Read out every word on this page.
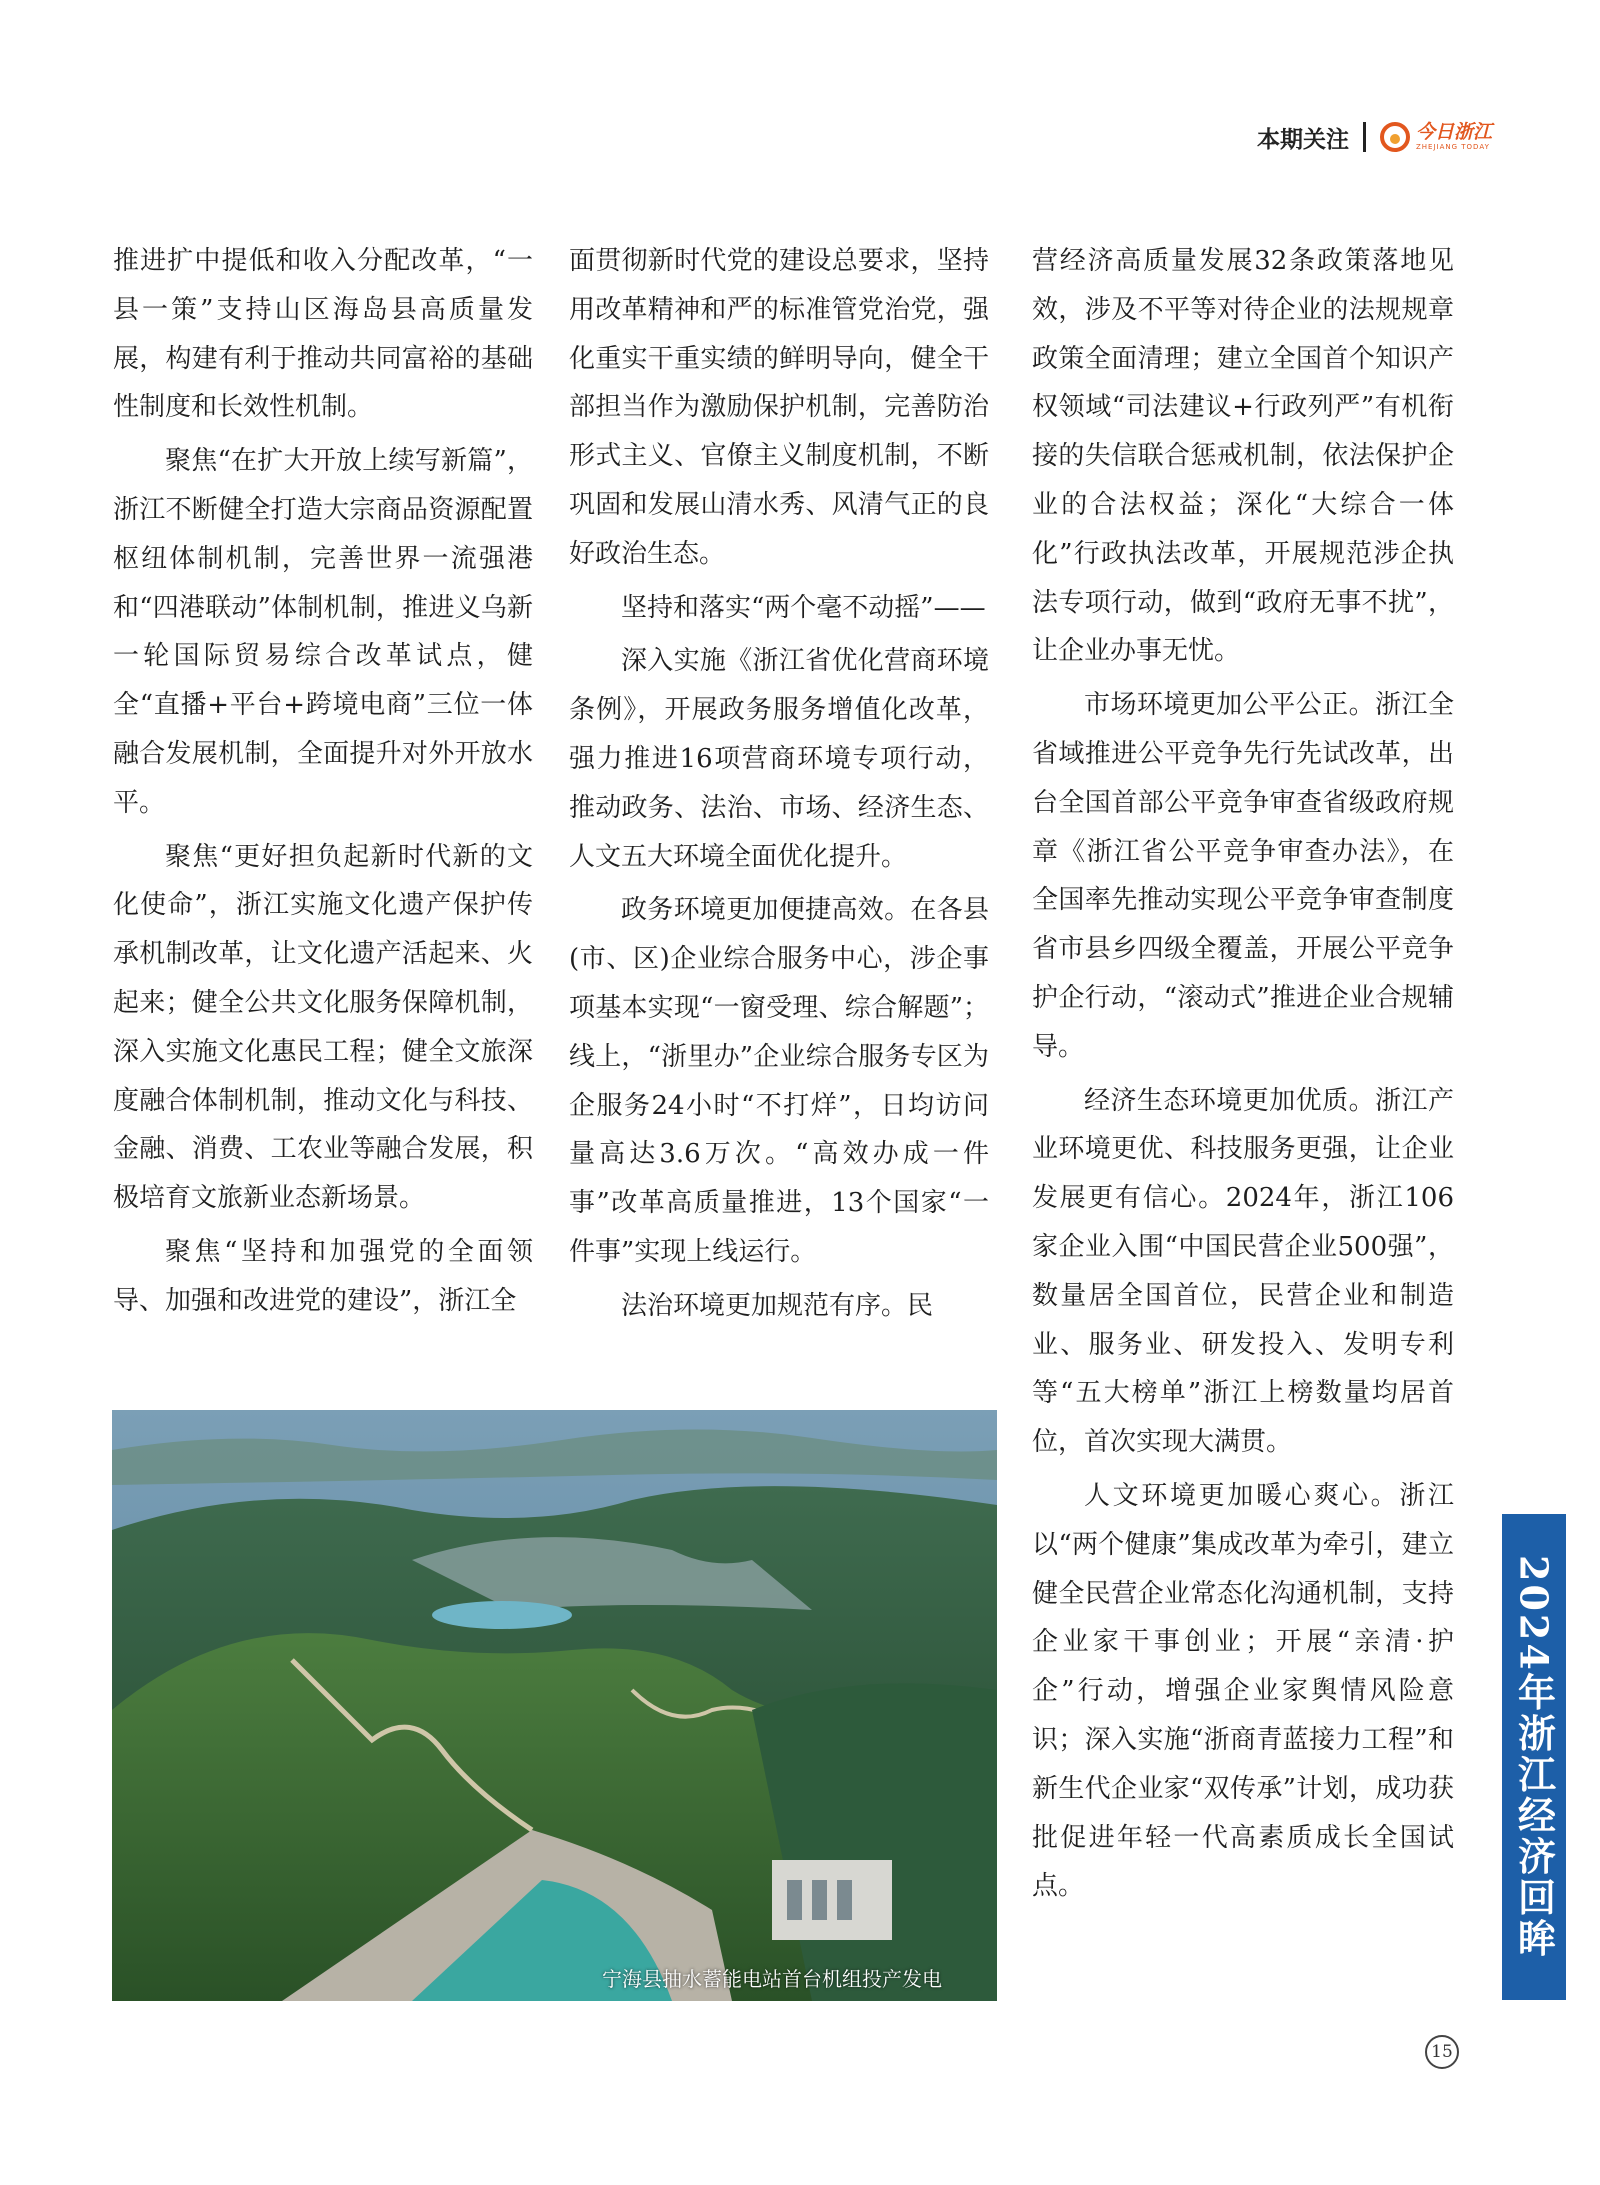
本期关注	今日浙江
ZHEJIANG TODAY

推进扩中提低和收入分配改革，“一县一策”支持山区海岛县高质量发展，构建有利于推动共同富裕的基础性制度和长效性机制。

聚焦“在扩大开放上续写新篇”，浙江不断健全打造大宗商品资源配置枢纽体制机制，完善世界一流强港和“四港联动”体制机制，推进义乌新一轮国际贸易综合改革试点，健全“直播+平台+跨境电商”三位一体融合发展机制，全面提升对外开放水平。

聚焦“更好担负起新时代新的文化使命”，浙江实施文化遗产保护传承机制改革，让文化遗产活起来、火起来；健全公共文化服务保障机制，深入实施文化惠民工程；健全文旅深度融合体制机制，推动文化与科技、金融、消费、工农业等融合发展，积极培育文旅新业态新场景。

聚焦“坚持和加强党的全面领导、加强和改进党的建设”，浙江全

面贯彻新时代党的建设总要求，坚持用改革精神和严的标准管党治党，强化重实干重实绩的鲜明导向，健全干部担当作为激励保护机制，完善防治形式主义、官僚主义制度机制，不断巩固和发展山清水秀、风清气正的良好政治生态。

坚持和落实“两个毫不动摇”——

深入实施《浙江省优化营商环境条例》，开展政务服务增值化改革，强力推进16项营商环境专项行动，推动政务、法治、市场、经济生态、人文五大环境全面优化提升。

政务环境更加便捷高效。在各县(市、区)企业综合服务中心，涉企事项基本实现“一窗受理、综合解题”；线上，“浙里办”企业综合服务专区为企服务24小时“不打烊”，日均访问量高达3.6万次。“高效办成一件事”改革高质量推进，13个国家“一件事”实现上线运行。

法治环境更加规范有序。民

营经济高质量发展32条政策落地见效，涉及不平等对待企业的法规规章政策全面清理；建立全国首个知识产权领域“司法建议+行政列严”有机衔接的失信联合惩戒机制，依法保护企业的合法权益；深化“大综合一体化”行政执法改革，开展规范涉企执法专项行动，做到“政府无事不扰”，让企业办事无忧。

市场环境更加公平公正。浙江全省域推进公平竞争先行先试改革，出台全国首部公平竞争审查省级政府规章《浙江省公平竞争审查办法》，在全国率先推动实现公平竞争审查制度省市县乡四级全覆盖，开展公平竞争护企行动，“滚动式”推进企业合规辅导。

经济生态环境更加优质。浙江产业环境更优、科技服务更强，让企业发展更有信心。2024年，浙江106家企业入围“中国民营企业500强”，数量居全国首位，民营企业和制造业、服务业、研发投入、发明专利等“五大榜单”浙江上榜数量均居首位，首次实现大满贯。

人文环境更加暖心爽心。浙江以“两个健康”集成改革为牵引，建立健全民营企业常态化沟通机制，支持企业家干事创业；开展“亲清·护企”行动，增强企业家舆情风险意识；深入实施“浙商青蓝接力工程”和新生代企业家“双传承”计划，成功获批促进年轻一代高素质成长全国试点。

宁海县抽水蓄能电站首台机组投产发电
2024年浙江经济回眸
15
